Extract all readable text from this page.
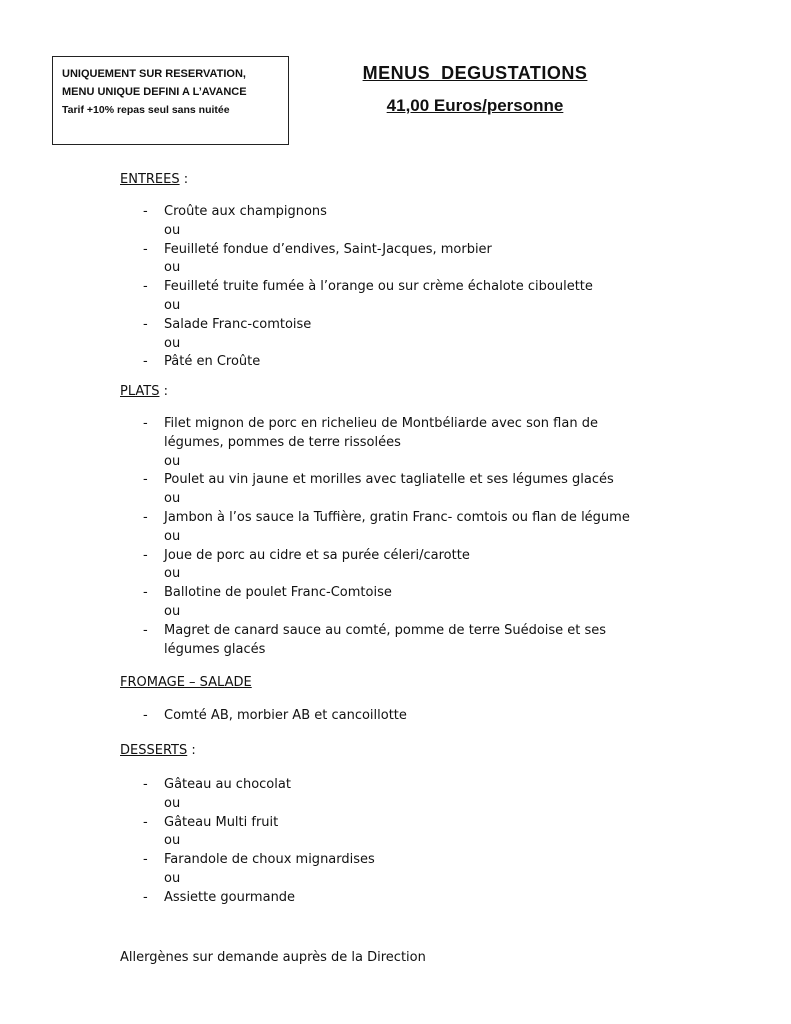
UNIQUEMENT SUR RESERVATION,
MENU UNIQUE DEFINI A L’AVANCE
Tarif +10% repas seul sans nuitée
MENUS  DEGUSTATIONS
41,00 Euros/personne
ENTREES :
- Croûte aux champignons
ou
- Feuilleté fondue d’endives, Saint-Jacques, morbier
ou
- Feuilleté truite fumée à l’orange ou sur crème échalote ciboulette
ou
- Salade Franc-comtoise
ou
- Pâté en Croûte
PLATS :
- Filet mignon de porc en richelieu de Montbéliarde avec son flan de légumes, pommes de terre rissolées
ou
- Poulet au vin jaune et morilles avec tagliatelle et ses légumes glacés
ou
- Jambon à l’os sauce la Tuffière, gratin Franc- comtois ou flan de légume
ou
- Joue de porc au cidre et sa purée céleri/carotte
ou
- Ballotine de poulet Franc-Comtoise
ou
- Magret de canard sauce au comté, pomme de terre Suédoise et ses légumes glacés
FROMAGE – SALADE
- Comté AB, morbier AB et cancoillotte
DESSERTS :
- Gâteau au chocolat
ou
- Gâteau Multi fruit
ou
- Farandole de choux mignardises
ou
- Assiette gourmande
Allergènes sur demande auprès de la Direction
